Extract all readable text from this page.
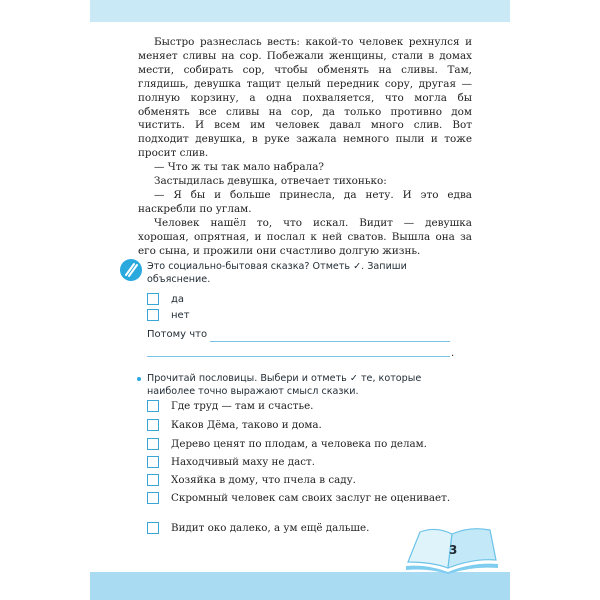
Быстро разнеслась весть: какой-то человек рехнулся и меняет сливы на сор. Побежали женщины, стали в домах мести, собирать сор, чтобы обменять на сливы. Там, глядишь, девушка тащит целый передник сору, другая — полную корзину, а одна похваляется, что могла бы обменять все сливы на сор, да только противно дом чистить. И всем им человек давал много слив. Вот подходит девушка, в руке зажала немного пыли и тоже просит слив.

— Что ж ты так мало набрала?

Застыдилась девушка, отвечает тихонько:

— Я бы и больше принесла, да нету. И это едва наскребли по углам.

Человек нашёл то, что искал. Видит — девушка хорошая, опрятная, и послал к ней сватов. Вышла она за его сына, и прожили они счастливо долгую жизнь.

Это социально-бытовая сказка? Отметь ✓. Запиши объяснение.
да
нет
Потому что
.
Прочитай пословицы. Выбери и отметь ✓ те, которые наиболее точно выражают смысл сказки.
Где труд — там и счастье.
Каков Дёма, таково и дома.
Дерево ценят по плодам, а человека по делам.
Находчивый маху не даст.
Хозяйка в дому, что пчела в саду.
Скромный человек сам своих заслуг не оценивает.
Видит око далеко, а ум ещё дальше.
3
